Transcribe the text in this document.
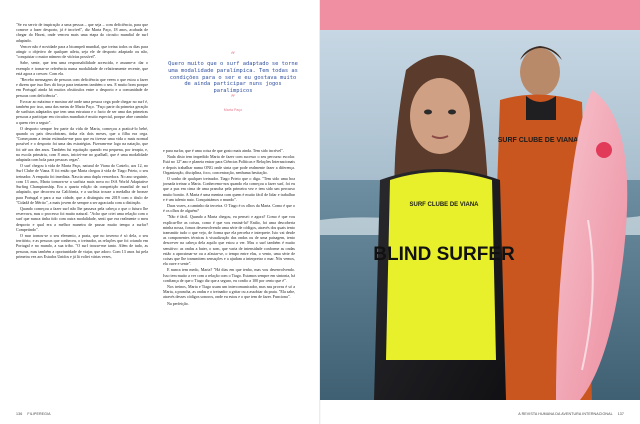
"Se eu servir de inspiração a uma pessoa – que seja – com deficiência, para que comece a fazer desporto, já é incrível", diz Marta Paço, 18 anos, acabada de chegar do Havai, onde venceu mais uma etapa do circuito mundial de surf adaptado.

Vencer não é novidade para a bicampeã mundial, que treina todos os dias para atingir o objetivo de qualquer atleta, seja ele de desporto adaptado ou não, "conquistar o maior número de vitórias possível".

Sabe, sente, que tem uma responsabilidade acrescida, e assume-a: dar o exemplo e tornar-se referência numa modalidade de relativamente recente, que está agora a crescer. Com ela.

"Recebo mensagens de pessoas com deficiência que veem o que estou a fazer e dizem que isso lhes dá força para tentarem também o seu. E muito bom porque em Portugal ainda há muitos obstáculos entre o desporto e a comunidade de pessoas com deficiência".

Evocar ao máximo e mostrar até onde uma pessoa cega pode chegar no surf é, também por isso, uma das metas de Marta Paço. "Faço parte da primeira geração de surfistas adaptados que tem uma estrutura e o facto de ser uma das primeiras pessoas a participar em circuitos mundiais é muito especial, porque abre caminho a quem vier a seguir".

O desporto sempre fez parte da vida de Marta, começou a praticá-lo bebé, quando os pais descobriram, tinha ela dois meses, que a filha era cega. "Começaram a tentar estimular-me para que eu tivesse uma vida o mais normal possível e o desporto foi uma das estratégias. Fizeram-me logo na natação, que foi até aos dez anos. Também fui equitação quando era pequena, por terapia, e, na escola primária, com 8 anos, iniciei-me no goalball, que é uma modalidade adaptada com bola para pessoas cegas".

O surf chegou à vida de Marta Paço, natural de Viana do Castelo, aos 12, no Surf Clube de Viana. E foi então que Marta chegou à vida de Tiago Prieto, o seu treinador. A empatia foi imediata. Nascia uma dupla vencedora. No ano seguinte, com 13 anos, Marta tornava-se a surfista mais nova no ISA World Adaptative Surfing Championship. Era a quarta edição da competição mundial de surf adaptado, que decorreu na Califórnia, e a surfista trouxe a medalha de bronze para Portugal e para a sua cidade, que a distinguiu em 2019 com o título de "Cidadã de Mérito", a mais jovem de sempre a ser agraciada com a distinção.

Quando começou a fazer surf não lhe passava pela cabeça o que o futuro lhe reservava, mas o processo foi muito natural. "Acho que criei uma relação com o surf que nunca tinha tido com outra modalidade, senti que era realmente o meu desporto e qual era a melhor maneira de passar muito tempo a surfar? Competindo".

O mar tornou-se o seu elemento, a praia, que no inverno é só dela, o seu território, e as pessoas que conheceu, o treinador, as relações que foi criando em Portugal e no mundo, a sua tribo. "O surf trouxe-me tanto. Além de tudo, as pessoas, mas também a oportunidade de viajar, que adoro. Com 13 anos fui pela primeira vez aos Estados Unidos e já lá voltei várias vezes,

“
Quero muito que o surf adaptado se torne uma modalidade paralímpica. Tem todas as condições para o ser e eu gostava muito de ainda participar nuns jogos paralímpicos
”
Marta Paço

e para surfar, que é uma coisa de que gosto mais ainda. Tem sido incrível".

Nada disto tem impedido Marta de fazer com sucesso o seu percurso escolar. Está no 12º ano e planeia entrar para Ciências Políticas e Relações Internacionais e depois trabalhar numa ONG onde sinta que pode realmente fazer a diferença. Organização, disciplina, foco, concentração, nenhuma hesitação.

O sonho de qualquer treinador. Tiago Prieto que o diga. "Tem sido uma boa jornada treinar a Marta. Conhecemo-nos quando ela começou a fazer surf, foi eu que a pus em cima de uma prancha pela primeira vez e tem sido um percurso muito bonito. A Marta é uma menina com quem é muito fácil de lidar e trabalhar e é um talento nato. Conquistámos o mundo".

Duas vozes, a caminho da terceira. O Tiago é os olhos da Marta. Como é que o é os olhos de alguém?

"Não é fácil. Quando a Marta chegou, eu pensei: e agora? Como é que vou explicar-lhe as coisas, como é que vou ensiná-la? Então, foi uma descoberta minha nossa, fomos desenvolvendo uma série de códigos, através dos quais tento transmitir tudo o que vejo, de forma que ela perceba e interprete. Isto vai desde as componentes técnicas à visualização das ondas ou de uma paisagem, tento descrever na cabeça dela aquilo que estou a ver. Mas o surf também é muito sensitivo: as ondas a bater, o som, que varia de intensidade conforme as ondas estão a aproximar-se ou a afastar-se, o tempo entre elas, o vento, uma série de coisas que lhe transmitem sensações e a ajudam a interpretar o mar. Nós vemos, ela ouve e sente".

E nunca tem medo, Marta? "Há dias em que tenho, mas vou desenvolvendo. Isso tem muito a ver com a relação com o Tiago. Estamos sempre em sintonia, há confiança de que o Tiago diz que a seguro, eu confio a 100 por cento que é".

Nos treinos, Marta e Tiago usam um intercomunicador, mas nas provas é só a Marta, a prancha, as ondas e o treinador a gritar ou a assobiar da praia. "Ela sabe, através desses códigos sonoros, onde eu estou e o que tem de fazer. Funciona".

Na perfeição.

136 FILIPEREGIA
SURF CLUBE DE VIANA
SURF CLUBE DE VIANA
BLIND SURFER
A REVISTA HUMANA DA AVENTURA INTERNACIONAL 137
